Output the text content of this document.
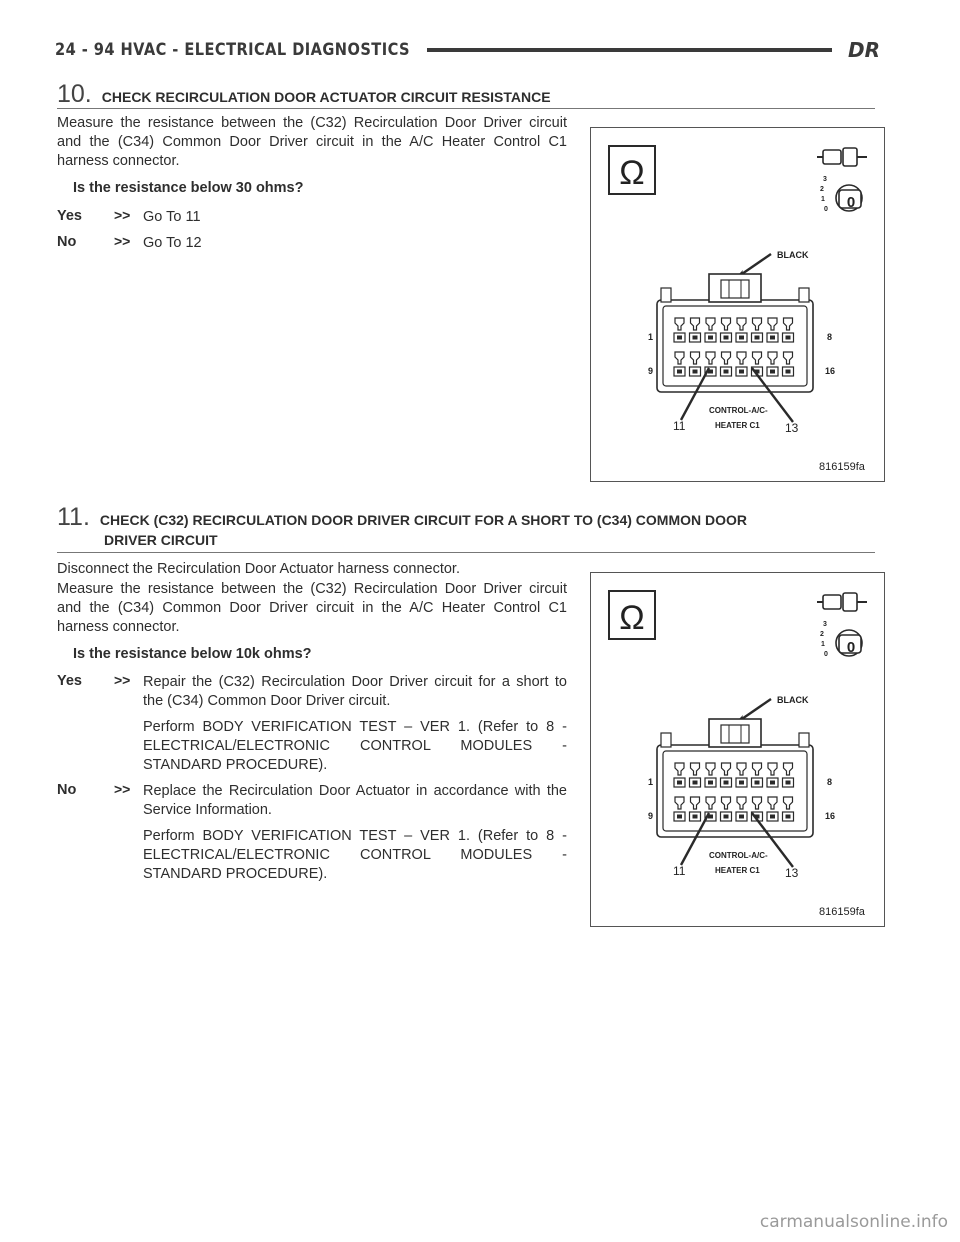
24 - 94 HVAC - ELECTRICAL DIAGNOSTICS	DR
10. CHECK RECIRCULATION DOOR ACTUATOR CIRCUIT RESISTANCE
Measure the resistance between the (C32) Recirculation Door Driver circuit and the (C34) Common Door Driver circuit in the A/C Heater Control C1 harness connector.
Is the resistance below 30 ohms?
Yes >> Go To 11

No	>> Go To 12

Ω
0
3
2
1
0
BLACK
1	8
9	16
11	13
CONTROL-A/C-
HEATER C1
816159fa
11. CHECK (C32) RECIRCULATION DOOR DRIVER CIRCUIT FOR A SHORT TO (C34) COMMON DOOR
DRIVER CIRCUIT
Disconnect the Recirculation Door Actuator harness connector.
Measure the resistance between the (C32) Recirculation Door Driver circuit and the (C34) Common Door Driver circuit in the A/C Heater Control C1 harness connector.
Is the resistance below 10k ohms?
Yes >> Repair the (C32) Recirculation Door Driver circuit for a short to the (C34) Common Door Driver circuit.

Perform BODY VERIFICATION TEST – VER 1. (Refer to 8 - ELECTRICAL/ELECTRONIC CONTROL MODULES - STANDARD PROCEDURE).

No	>> Replace the Recirculation Door Actuator in accordance with the Service Information.

Perform BODY VERIFICATION TEST – VER 1. (Refer to 8 - ELECTRICAL/ELECTRONIC CONTROL MODULES - STANDARD PROCEDURE).

Ω
0
3
2
1
0
BLACK
1	8
9	16
11	13
CONTROL-A/C-
HEATER C1
816159fa
carmanualsonline.info
